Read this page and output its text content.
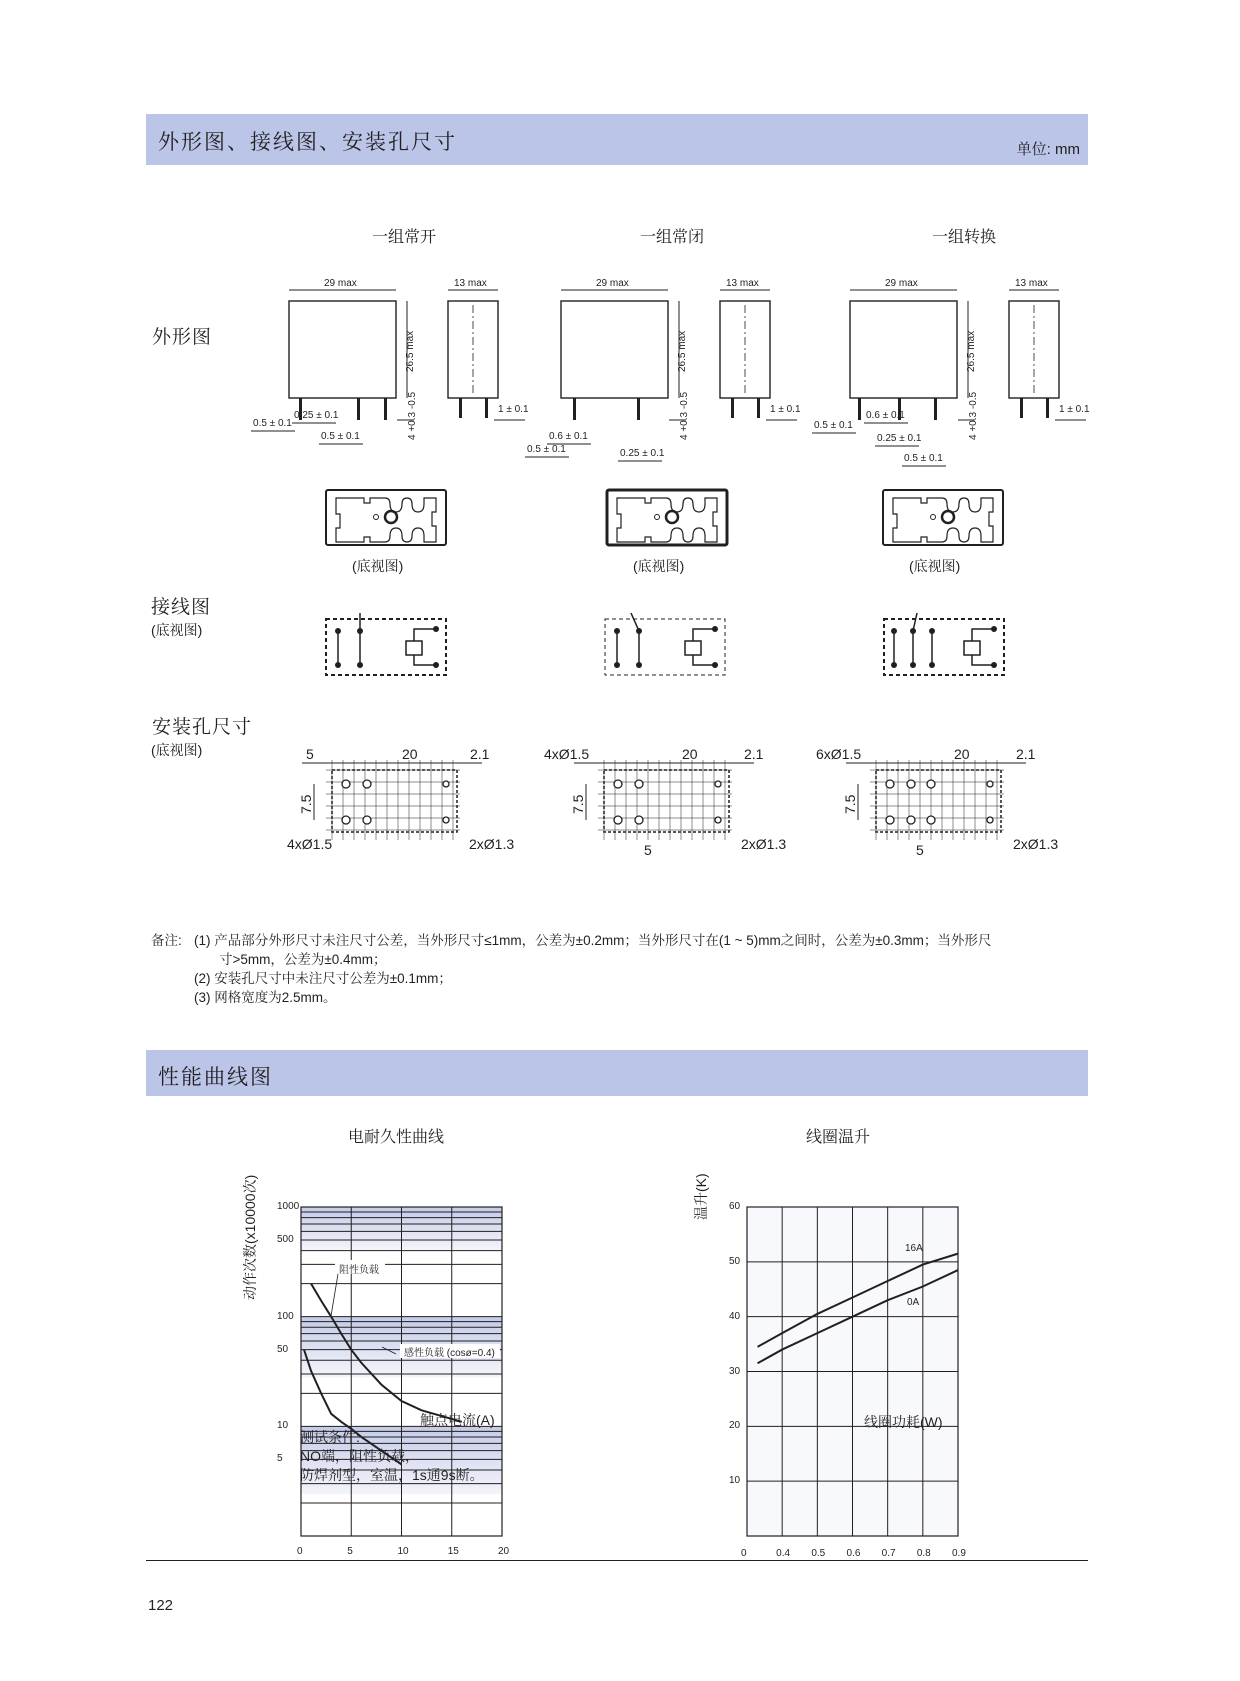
外形图、接线图、安装孔尺寸	单位: mm
一组常开	一组常闭	一组转换
外形图
接线图
(底视图)
安装孔尺寸
(底视图)
29 max	13 max
26.5 max
4 +0.3 -0.5	1 ± 0.1
0.5 ± 0.1
0.25 ± 0.1
0.5 ± 0.1
29 max	13 max
26.5 max
4 +0.3 -0.5	1 ± 0.1
0.5 ± 0.1
0.6 ± 0.1
0.25 ± 0.1
29 max	13 max
26.5 max
4 +0.3 -0.5	1 ± 0.1
0.5 ± 0.1
0.6 ± 0.1
0.25 ± 0.1
0.5 ± 0.1
(底视图)	(底视图)	(底视图)
5	20	2.1
7.5
4xØ1.5	2xØ1.3
4xØ1.5	20	2.1
7.5
5	2xØ1.3
6xØ1.5	20	2.1
7.5
5	2xØ1.3
1000
500
100
50
10
5
0	5	10	15	20
阻性负载
感性负载 (cosø=0.4)
60
50
40
30
20
10
0	0.4 0.5 0.6 0.7 0.8 0.9
16A
0A
备注: (1) 产品部分外形尺寸未注尺寸公差，当外形尺寸≤1mm，公差为±0.2mm；当外形尺寸在(1 ~ 5)mm之间时，公差为±0.3mm；当外形尺
寸>5mm，公差为±0.4mm；
(2) 安装孔尺寸中未注尺寸公差为±0.1mm；
(3) 网格宽度为2.5mm。
性能曲线图
电耐久性曲线	线圈温升
触点电流(A)	线圈功耗(W)
动作次数(x10000次)	温升(K)
测试条件:
NO端，阻性负载，
防焊剂型，室温，1s通9s断。
122
